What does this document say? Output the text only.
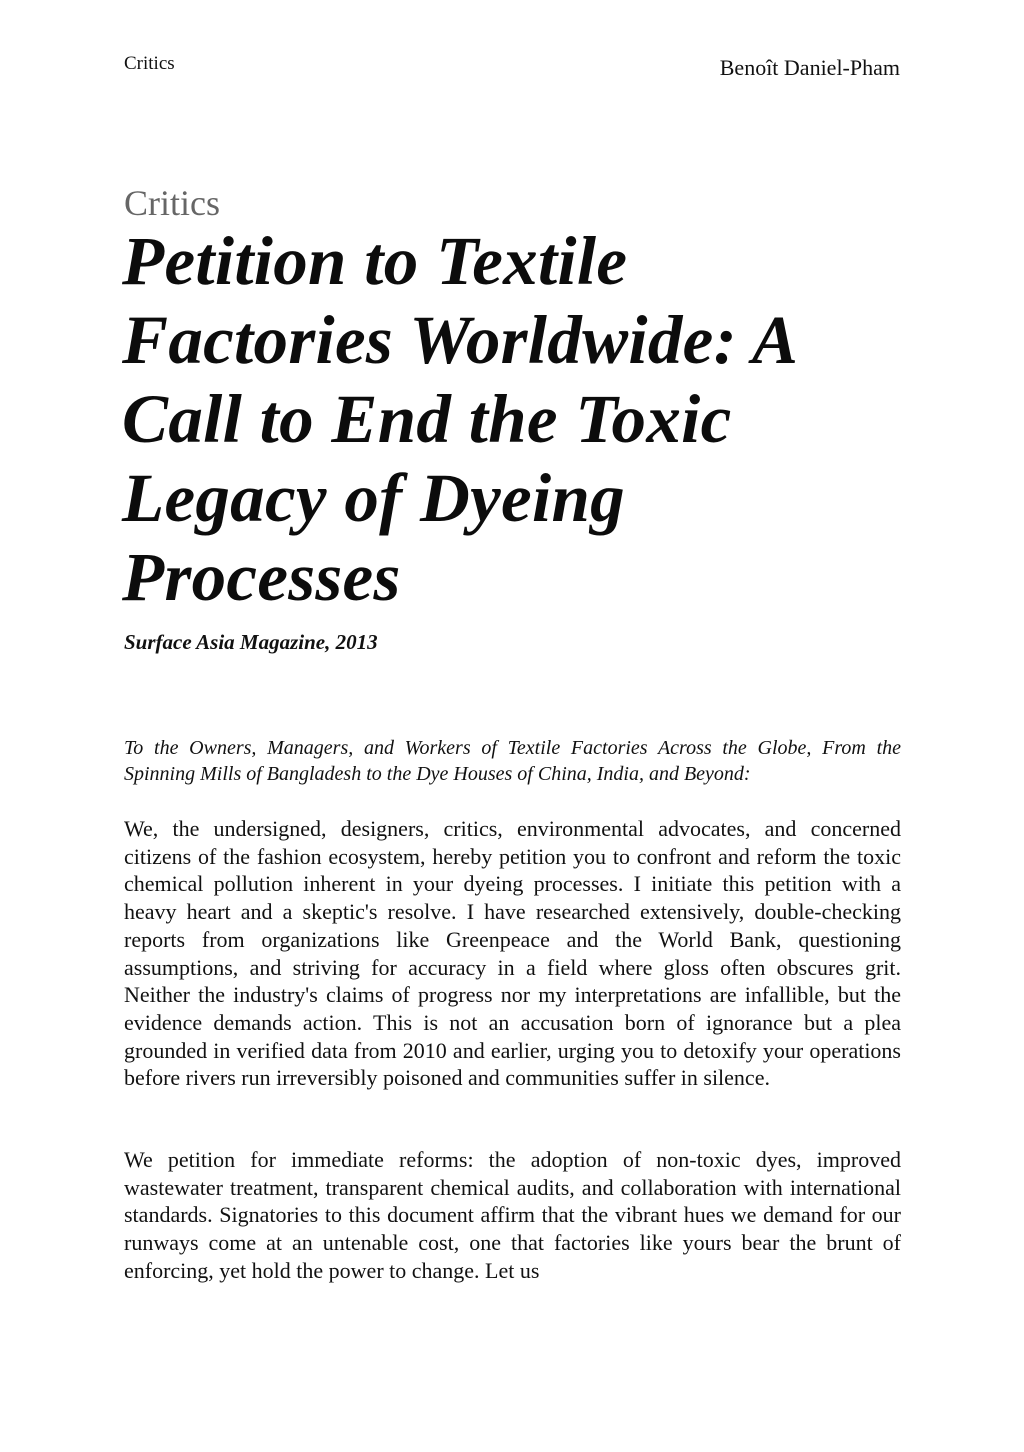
Critics	Benoît Daniel-Pham
Critics
Petition to Textile Factories Worldwide: A Call to End the Toxic Legacy of Dyeing Processes
Surface Asia Magazine, 2013
To the Owners, Managers, and Workers of Textile Factories Across the Globe, From the Spinning Mills of Bangladesh to the Dye Houses of China, India, and Beyond:

We, the undersigned, designers, critics, environmental advocates, and concerned citizens of the fashion ecosystem, hereby petition you to confront and reform the toxic chemical pollution inherent in your dyeing processes. I initiate this petition with a heavy heart and a skeptic's resolve. I have researched extensively, double-checking reports from organizations like Greenpeace and the World Bank, questioning assumptions, and striving for accuracy in a field where gloss often obscures grit. Neither the industry's claims of progress nor my interpretations are infallible, but the evidence demands action. This is not an accusation born of ignorance but a plea grounded in verified data from 2010 and earlier, urging you to detoxify your operations before rivers run irreversibly poisoned and communities suffer in silence.

We petition for immediate reforms: the adoption of non-toxic dyes, improved wastewater treatment, transparent chemical audits, and collaboration with international standards. Signatories to this document affirm that the vibrant hues we demand for our runways come at an untenable cost, one that factories like yours bear the brunt of enforcing, yet hold the power to change. Let us
